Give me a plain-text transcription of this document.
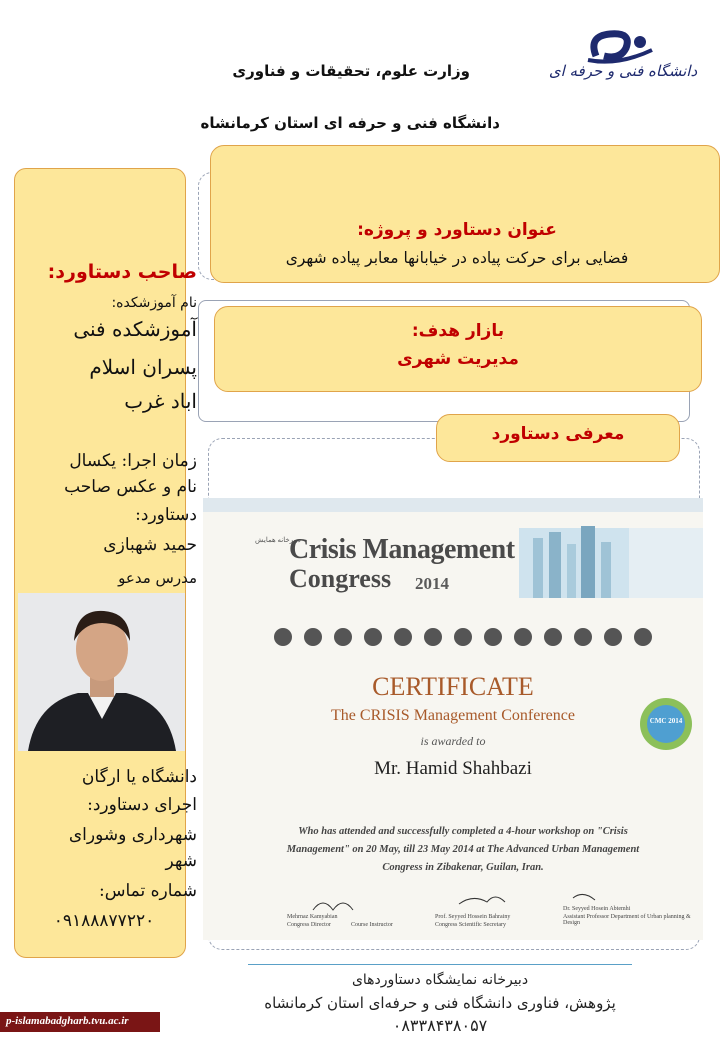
دانشگاه فنی و حرفه ای
وزارت علوم، تحقیقات و فناوری
دانشگاه فنی و حرفه ای استان کرمانشاه
عنوان دستاورد و پروژه:
فضایی برای حرکت پیاده در خیابانها معابر پیاده شهری
بازار هدف:
مدیریت شهری
معرفی دستاورد
صاحب دستاورد:
نام آموزشکده:
آموزشکده فنی
پسران اسلام
اباد غرب
زمان اجرا: یکسال
نام و عکس صاحب
دستاورد:
حمید شهبازی
مدرس مدعو
دانشگاه یا ارگان
اجرای دستاورد:
شهرداری وشورای
شهر
شماره تماس:
۰۹۱۸۸۸۷۷۲۲۰
دبیرخانه همایش
Crisis Management
Congress 2014
CERTIFICATE
The CRISIS Management Conference
is awarded to
Mr. Hamid Shahbazi
Who has attended and successfully completed a 4-hour workshop on "Crisis
Management" on 20 May, till 23 May 2014 at The Advanced Urban Management
Congress in Zibakenar, Guilan, Iran.
CMC 2014
Mehrnaz Kamyabian
Congress Director	Course Instructor
Prof. Seyyed Hossein Bahrainy
Congress Scientific Secretary
Dr. Seyyed Hosein Abtemhi
Assistant Professor Department of Urban planning & Design
دبیرخانه نمایشگاه دستاوردهای
پژوهش، فناوری دانشگاه فنی و حرفه‌ای استان کرمانشاه
۰۸۳۳۸۴۳۸۰۵۷
p-islamabadgharb.tvu.ac.ir
